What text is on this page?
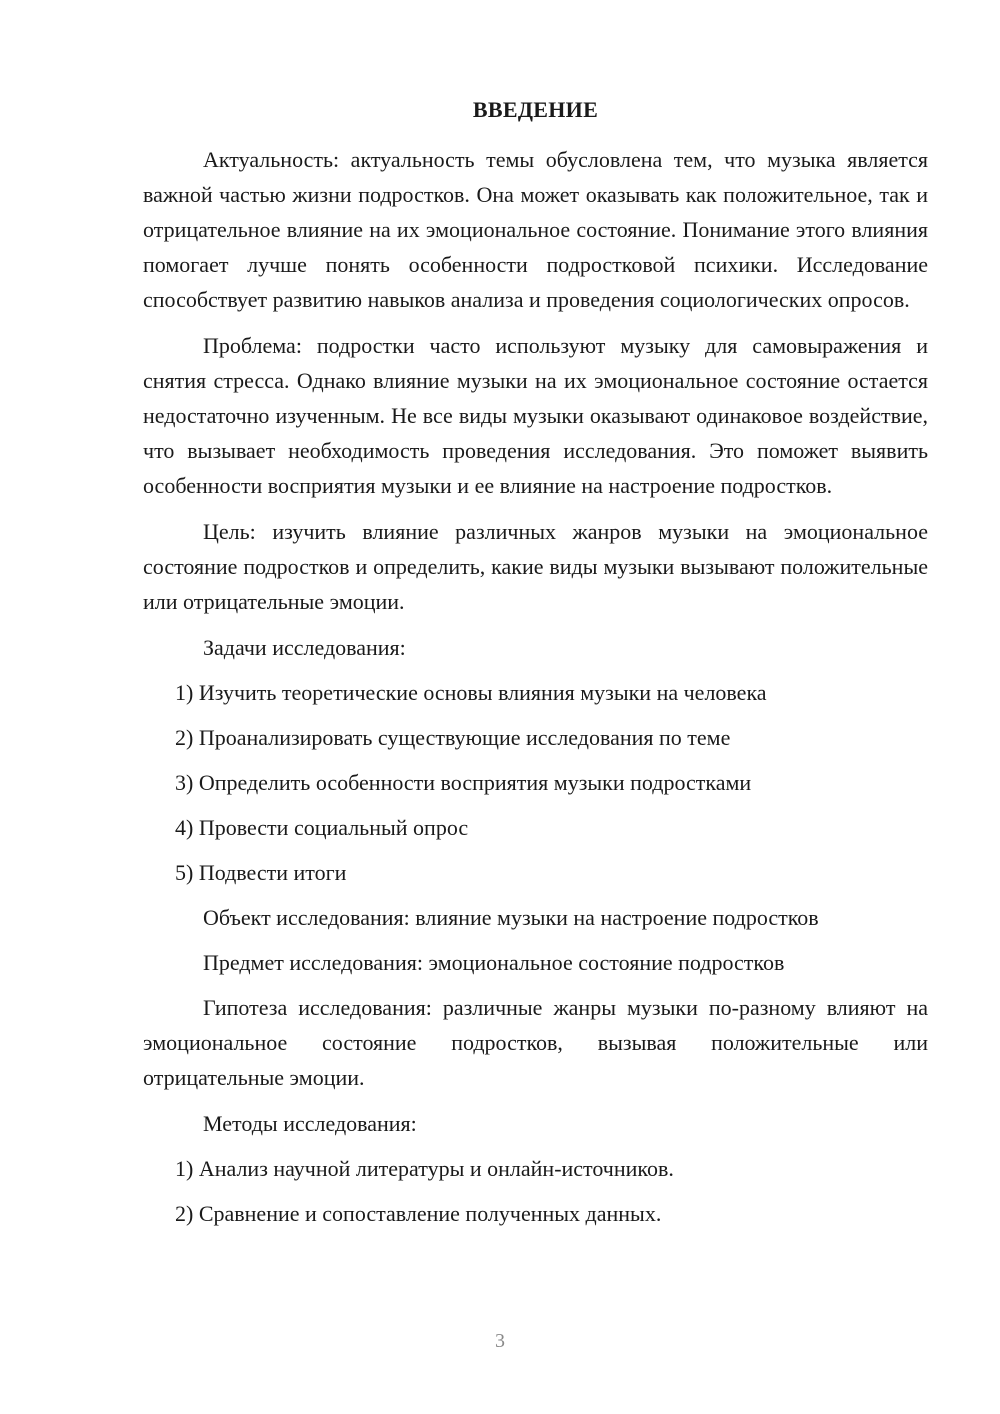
ВВЕДЕНИЕ

Актуальность: актуальность темы обусловлена тем, что музыка является важной частью жизни подростков. Она может оказывать как положительное, так и отрицательное влияние на их эмоциональное состояние. Понимание этого влияния помогает лучше понять особенности подростковой психики. Исследование способствует развитию навыков анализа и проведения социологических опросов.

Проблема: подростки часто используют музыку для самовыражения и снятия стресса. Однако влияние музыки на их эмоциональное состояние остается недостаточно изученным. Не все виды музыки оказывают одинаковое воздействие, что вызывает необходимость проведения исследования. Это поможет выявить особенности восприятия музыки и ее влияние на настроение подростков.

Цель: изучить влияние различных жанров музыки на эмоциональное состояние подростков и определить, какие виды музыки вызывают положительные или отрицательные эмоции.

Задачи исследования:

1) Изучить теоретические основы влияния музыки на человека
2) Проанализировать существующие исследования по теме
3) Определить особенности восприятия музыки подростками
4) Провести социальный опрос
5) Подвести итоги

Объект исследования: влияние музыки на настроение подростков

Предмет исследования: эмоциональное состояние подростков

Гипотеза исследования: различные жанры музыки по-разному влияют на эмоциональное состояние подростков, вызывая положительные или отрицательные эмоции.

Методы исследования:

1) Анализ научной литературы и онлайн-источников.
2) Сравнение и сопоставление полученных данных.
3
